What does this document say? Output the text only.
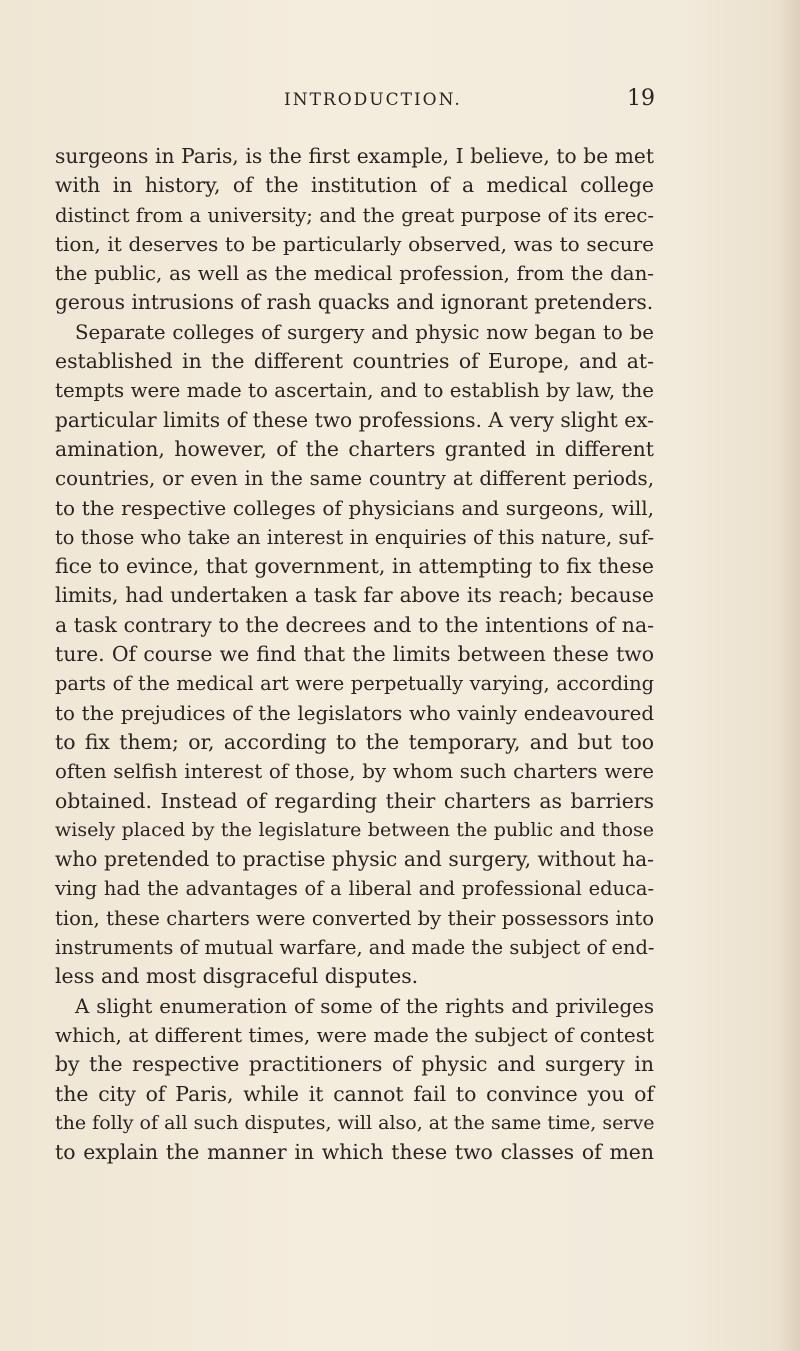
INTRODUCTION.	19
surgeons in Paris, is the first example, I believe, to be met
with in history, of the institution of a medical college
distinct from a university; and the great purpose of its erec-
tion, it deserves to be particularly observed, was to secure
the public, as well as the medical profession, from the dan-
gerous intrusions of rash quacks and ignorant pretenders.
Separate colleges of surgery and physic now began to be
established in the different countries of Europe, and at-
tempts were made to ascertain, and to establish by law, the
particular limits of these two professions. A very slight ex-
amination, however, of the charters granted in different
countries, or even in the same country at different periods,
to the respective colleges of physicians and surgeons, will,
to those who take an interest in enquiries of this nature, suf-
fice to evince, that government, in attempting to fix these
limits, had undertaken a task far above its reach; because
a task contrary to the decrees and to the intentions of na-
ture. Of course we find that the limits between these two
parts of the medical art were perpetually varying, according
to the prejudices of the legislators who vainly endeavoured
to fix them; or, according to the temporary, and but too
often selfish interest of those, by whom such charters were
obtained. Instead of regarding their charters as barriers
wisely placed by the legislature between the public and those
who pretended to practise physic and surgery, without ha-
ving had the advantages of a liberal and professional educa-
tion, these charters were converted by their possessors into
instruments of mutual warfare, and made the subject of end-
less and most disgraceful disputes.
A slight enumeration of some of the rights and privileges
which, at different times, were made the subject of contest
by the respective practitioners of physic and surgery in
the city of Paris, while it cannot fail to convince you of
the folly of all such disputes, will also, at the same time, serve
to explain the manner in which these two classes of men
